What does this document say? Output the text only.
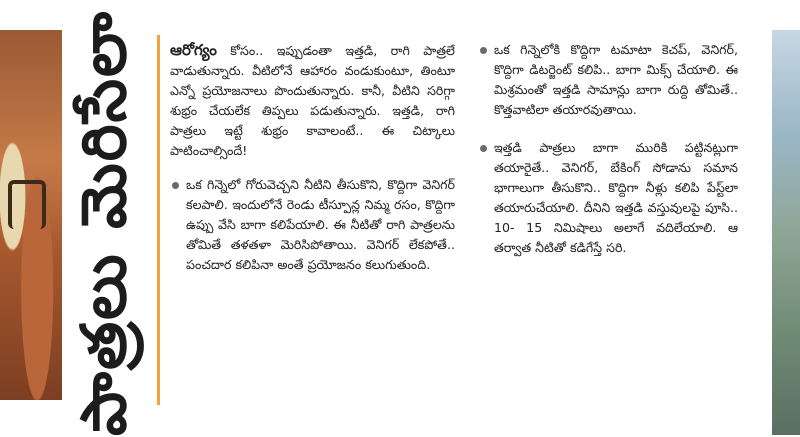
పాత్రలు మెరిసేలా	ఆరోగ్యం కోసం.. ఇప్పుడంతా ఇత్తడి, రాగి పాత్రలే వాడుతున్నారు. వీటిలోనే ఆహారం వండుకుంటూ, తింటూ ఎన్నో ప్రయోజనాలు పొందుతున్నారు. కానీ, వీటిని సరిగ్గా శుభ్రం చేయలేక తిప్పలు పడుతున్నారు. ఇత్తడి, రాగి పాత్రలు ఇట్టే శుభ్రం కావాలంటే.. ఈ చిట్కాలు పాటించాల్సిందే!

ఒక గిన్నెలో గోరువెచ్చని నీటిని తీసుకొని, కొద్దిగా వెనిగర్ కలపాలి. ఇందులోనే రెండు టీస్పూన్ల నిమ్మ రసం, కొద్దిగా ఉప్పు వేసి బాగా కలిపేయాలి. ఈ నీటితో రాగి పాత్రలను తోమితే తళతళా మెరిసిపోతాయి. వెనిగర్ లేకపోతే.. పంచదార కలిపినా అంతే ప్రయోజనం కలుగుతుంది.
ఒక గిన్నెలోకి కొద్దిగా టమాటా కెచప్, వెనిగర్, కొద్దిగా డిటర్జెంట్ కలిపి.. బాగా మిక్స్ చేయాలి. ఈ మిశ్రమంతో ఇత్తడి సామాన్లు బాగా రుద్ది తోమితే.. కొత్తవాటిలా తయారవుతాయి.
ఇత్తడి పాత్రలు బాగా మురికి పట్టినట్లుగా తయారైతే.. వెనిగర్, బేకింగ్ సోడాను సమాన భాగాలుగా తీసుకొని.. కొద్దిగా నీళ్లు కలిపి పేస్ట్‌లా తయారుచేయాలి. దీనిని ఇత్తడి వస్తువులపై పూసి.. 10- 15 నిమిషాలు అలాగే వదిలేయాలి. ఆ తర్వాత నీటితో కడిగేస్తే సరి.
